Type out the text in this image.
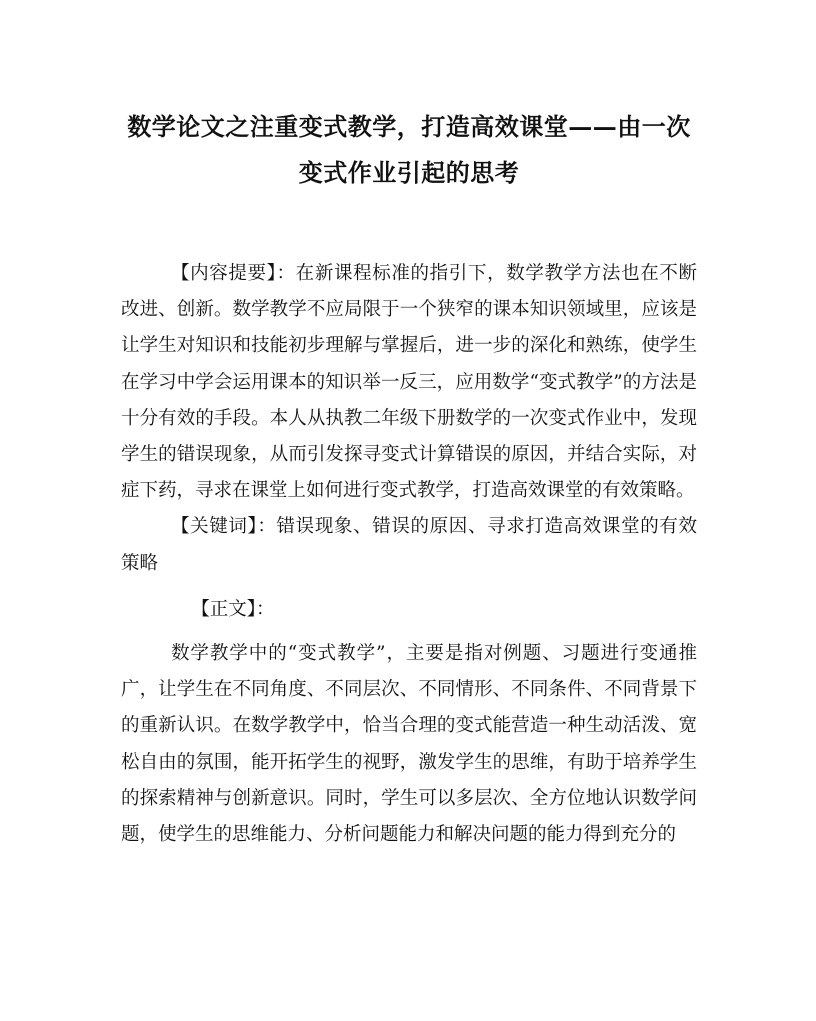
数学论文之注重变式教学，打造高效课堂——由一次变式作业引起的思考

【内容提要】：在新课程标准的指引下，数学教学方法也在不断改进、创新。数学教学不应局限于一个狭窄的课本知识领域里，应该是让学生对知识和技能初步理解与掌握后，进一步的深化和熟练，使学生在学习中学会运用课本的知识举一反三，应用数学“变式教学”的方法是十分有效的手段。本人从执教二年级下册数学的一次变式作业中，发现学生的错误现象，从而引发探寻变式计算错误的原因，并结合实际，对症下药，寻求在课堂上如何进行变式教学，打造高效课堂的有效策略。

【关键词】：错误现象、错误的原因、寻求打造高效课堂的有效策略

【正文】：

数学教学中的“变式教学”，主要是指对例题、习题进行变通推广，让学生在不同角度、不同层次、不同情形、不同条件、不同背景下的重新认识。在数学教学中，恰当合理的变式能营造一种生动活泼、宽松自由的氛围，能开拓学生的视野，激发学生的思维，有助于培养学生的探索精神与创新意识。同时，学生可以多层次、全方位地认识数学问题，使学生的思维能力、分析问题能力和解决问题的能力得到充分的
